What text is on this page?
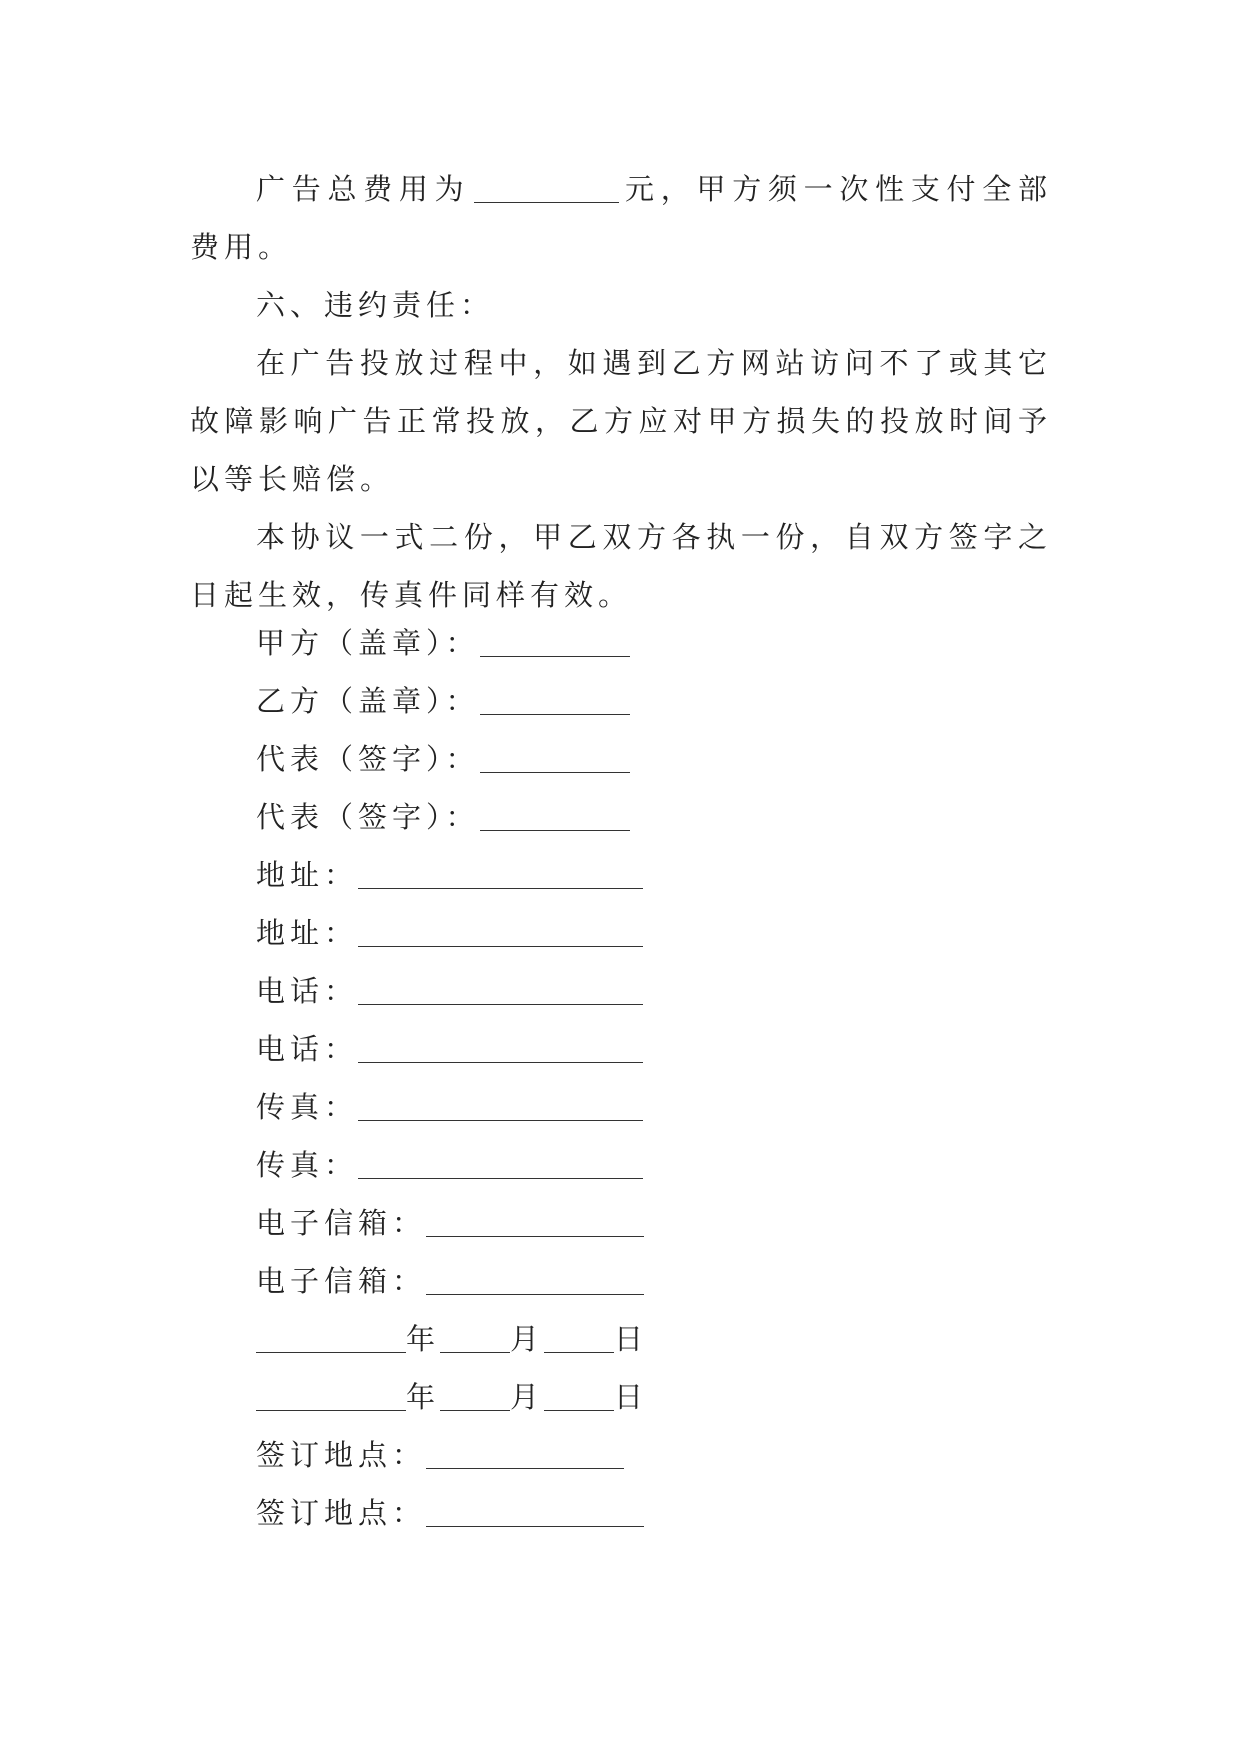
广告总费用为	元，甲方须一次性支付全部费用。

六、违约责任：

在广告投放过程中，如遇到乙方网站访问不了或其它故障影响广告正常投放，乙方应对甲方损失的投放时间予以等长赔偿。

本协议一式二份，甲乙双方各执一份，自双方签字之日起生效，传真件同样有效。

甲方（盖章）：
乙方（盖章）：
代表（签字）：
代表（签字）：
地址：
地址：
电话：
电话：
传真：
传真：
电子信箱：
电子信箱：
年 月 日
年 月 日
签订地点：
签订地点：
